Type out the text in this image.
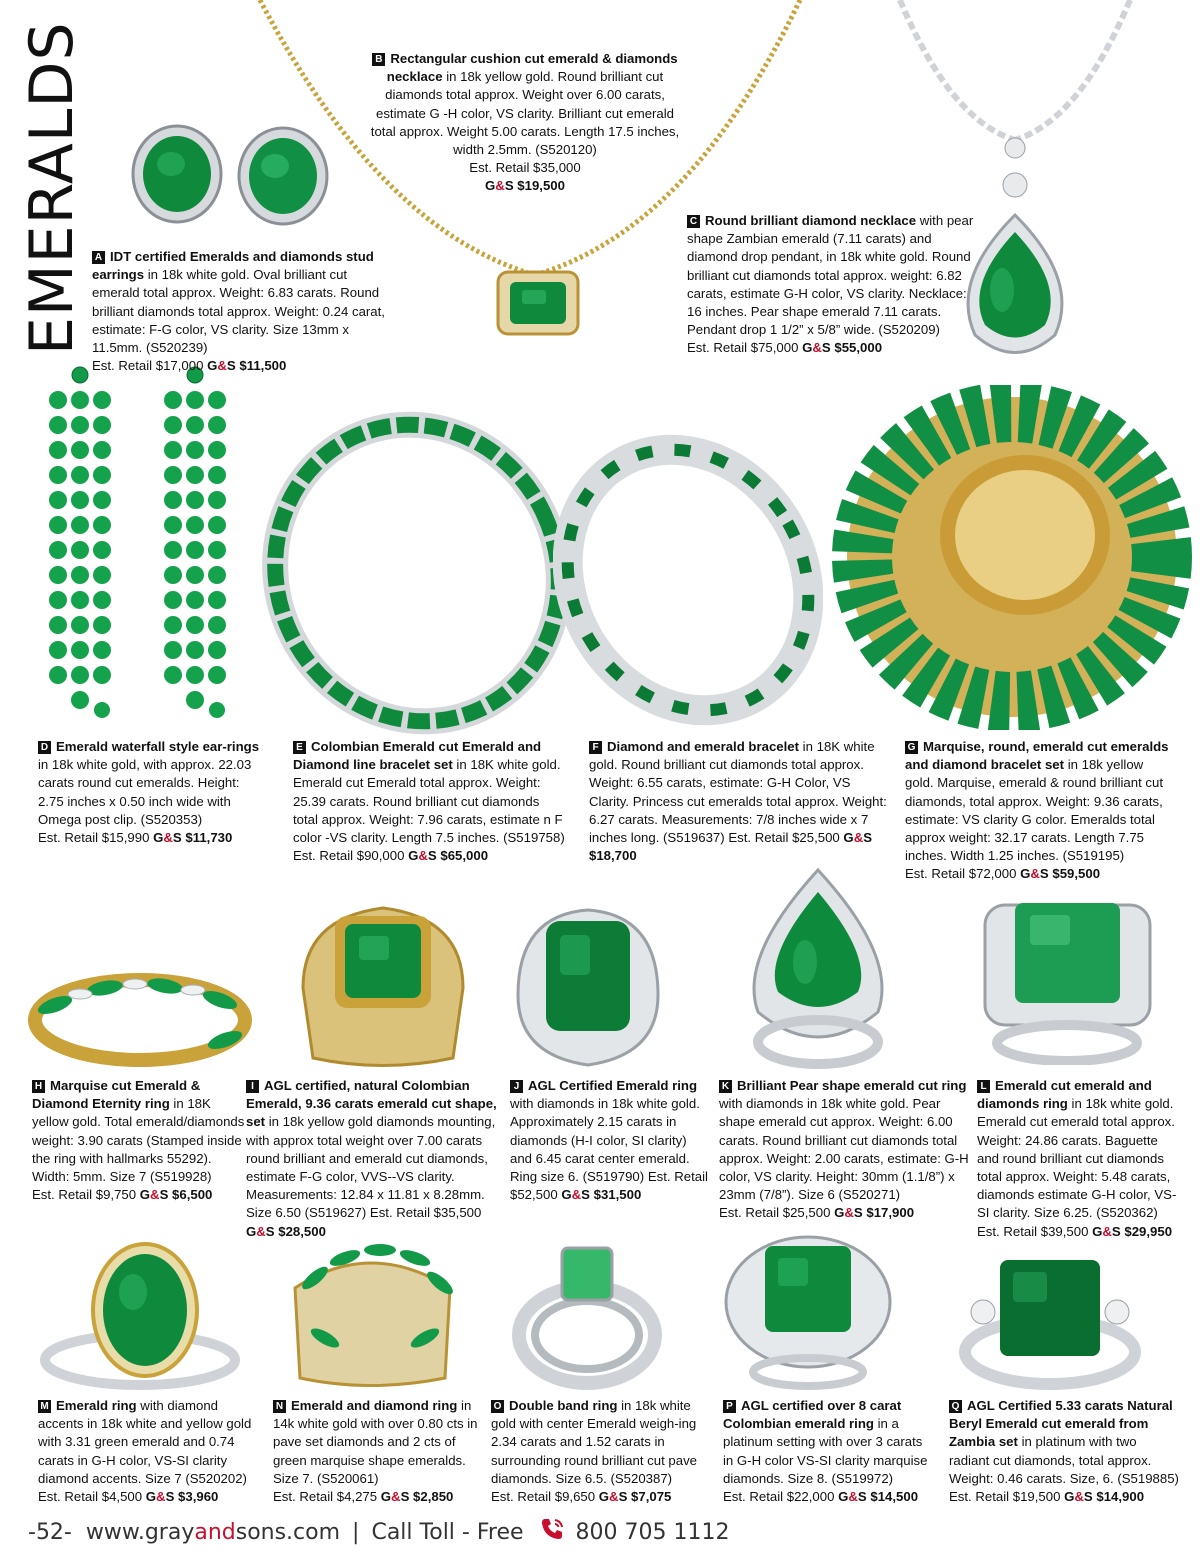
EMERALDS A IDT certified Emeralds and diamonds stud earrings in 18k white gold. Oval brilliant cut emerald total approx. Weight: 6.83 carats. Round brilliant diamonds total approx. Weight: 0.24 carat, estimate: F-G color, VS clarity. Size 13mm x 11.5mm. (S520239)
Est. Retail $17,000 G&S $11,500
B Rectangular cushion cut emerald & diamonds necklace in 18k yellow gold. Round brilliant cut diamonds total approx. Weight over 6.00 carats, estimate G -H color, VS clarity. Brilliant cut emerald total approx. Weight 5.00 carats. Length 17.5 inches, width 2.5mm. (S520120)
Est. Retail $35,000
G&S $19,500
C Round brilliant diamond necklace with pear shape Zambian emerald (7.11 carats) and diamond drop pendant, in 18k white gold. Round brilliant cut diamonds total approx. weight: 6.82 carats, estimate G-H color, VS clarity. Necklace: 16 inches. Pear shape emerald 7.11 carats. Pendant drop 1 1/2” x 5/8” wide. (S520209)
Est. Retail $75,000 G&S $55,000
D Emerald waterfall style ear-rings in 18k white gold, with approx. 22.03 carats round cut emeralds. Height: 2.75 inches x 0.50 inch wide with Omega post clip. (S520353)
Est. Retail $15,990 G&S $11,730
E Colombian Emerald cut Emerald and Diamond line bracelet set in 18K white gold. Emerald cut Emerald total approx. Weight: 25.39 carats. Round brilliant cut diamonds total approx. Weight: 7.96 carats, estimate n F color -VS clarity. Length 7.5 inches. (S519758)
Est. Retail $90,000 G&S $65,000
F Diamond and emerald bracelet in 18K white gold. Round brilliant cut diamonds total approx. Weight: 6.55 carats, estimate: G-H Color, VS Clarity. Princess cut emeralds total approx. Weight: 6.27 carats. Measurements: 7/8 inches wide x 7 inches long. (S519637) Est. Retail $25,500 G&S $18,700
G Marquise, round, emerald cut emeralds and diamond bracelet set in 18k yellow gold. Marquise, emerald & round brilliant cut diamonds, total approx. Weight: 9.36 carats, estimate: VS clarity G color. Emeralds total approx weight: 32.17 carats. Length 7.75 inches. Width 1.25 inches. (S519195)
Est. Retail $72,000 G&S $59,500
H Marquise cut Emerald & Diamond Eternity ring in 18K yellow gold. Total emerald/diamonds weight: 3.90 carats (Stamped inside the ring with hallmarks 55292). Width: 5mm. Size 7 (S519928)
Est. Retail $9,750 G&S $6,500
I AGL certified, natural Colombian Emerald, 9.36 carats emerald cut shape, set in 18k yellow gold diamonds mounting, with approx total weight over 7.00 carats round brilliant and emerald cut diamonds, estimate F-G color, VVS--VS clarity. Measurements: 12.84 x 11.81 x 8.28mm. Size 6.50 (S519627) Est. Retail $35,500
G&S $28,500
J AGL Certified Emerald ring with diamonds in 18k white gold. Approximately 2.15 carats in diamonds (H-I color, SI clarity) and 6.45 carat center emerald. Ring size 6. (S519790) Est. Retail $52,500 G&S $31,500
K Brilliant Pear shape emerald cut ring with diamonds in 18k white gold. Pear shape emerald cut approx. Weight: 6.00 carats. Round brilliant cut diamonds total approx. Weight: 2.00 carats, estimate: G-H color, VS clarity. Height: 30mm (1.1/8”) x 23mm (7/8”). Size 6 (S520271)
Est. Retail $25,500 G&S $17,900
L Emerald cut emerald and diamonds ring in 18k white gold. Emerald cut emerald total approx. Weight: 24.86 carats. Baguette and round brilliant cut diamonds total approx. Weight: 5.48 carats, diamonds estimate G-H color, VS-SI clarity. Size 6.25. (S520362)
Est. Retail $39,500 G&S $29,950
M Emerald ring with diamond accents in 18k white and yellow gold with 3.31 green emerald and 0.74 carats in G-H color, VS-SI clarity diamond accents. Size 7 (S520202)
Est. Retail $4,500 G&S $3,960
N Emerald and diamond ring in 14k white gold with over 0.80 cts in pave set diamonds and 2 cts of green marquise shape emeralds. Size 7. (S520061)
Est. Retail $4,275 G&S $2,850
O Double band ring in 18k white gold with center Emerald weigh-ing 2.34 carats and 1.52 carats in surrounding round brilliant cut pave diamonds. Size 6.5. (S520387)
Est. Retail $9,650 G&S $7,075
P AGL certified over 8 carat Colombian emerald ring in a platinum setting with over 3 carats in G-H color VS-SI clarity marquise diamonds. Size 8. (S519972)
Est. Retail $22,000 G&S $14,500
Q AGL Certified 5.33 carats Natural Beryl Emerald cut emerald from Zambia set in platinum with two radiant cut diamonds, total approx. Weight: 0.46 carats. Size, 6. (S519885)
Est. Retail $19,500 G&S $14,900
-52- www.grayandsons.com | Call Toll - Free 800 705 1112
